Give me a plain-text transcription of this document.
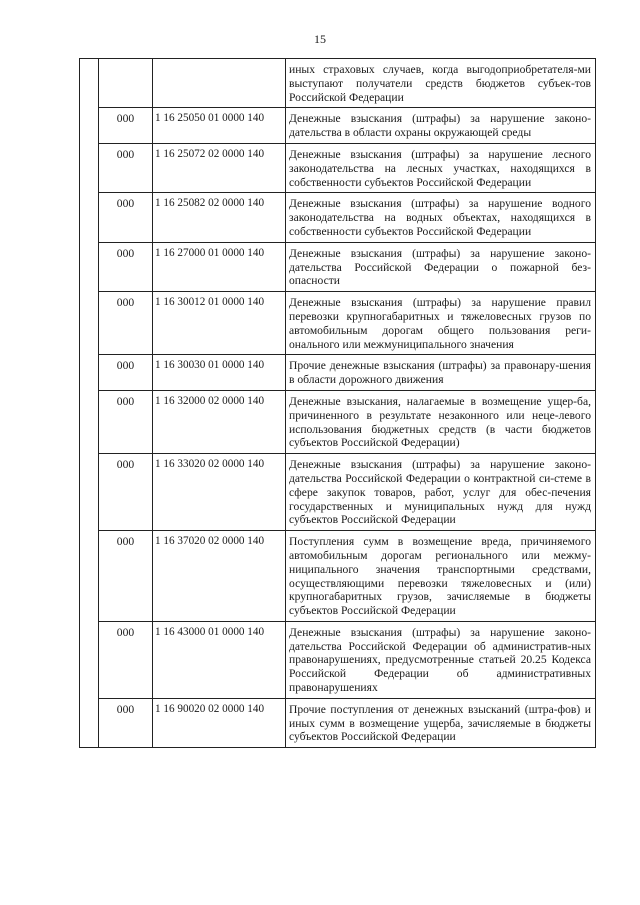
15
			иных страховых случаев, когда выгодоприобретателя-ми выступают получатели средств бюджетов субъек-тов Российской Федерации
	000	1 16 25050 01 0000 140	Денежные взыскания (штрафы) за нарушение законо-дательства в области охраны окружающей среды
	000	1 16 25072 02 0000 140	Денежные взыскания (штрафы) за нарушение лесного законодательства на лесных участках, находящихся в собственности субъектов Российской Федерации
	000	1 16 25082 02 0000 140	Денежные взыскания (штрафы) за нарушение водного законодательства на водных объектах, находящихся в собственности субъектов Российской Федерации
	000	1 16 27000 01 0000 140	Денежные взыскания (штрафы) за нарушение законо-дательства Российской Федерации о пожарной без-опасности
	000	1 16 30012 01 0000 140	Денежные взыскания (штрафы) за нарушение правил перевозки крупногабаритных и тяжеловесных грузов по автомобильным дорогам общего пользования реги-онального или межмуниципального значения
	000	1 16 30030 01 0000 140	Прочие денежные взыскания (штрафы) за правонару-шения в области дорожного движения
	000	1 16 32000 02 0000 140	Денежные взыскания, налагаемые в возмещение ущер-ба, причиненного в результате незаконного или неце-левого использования бюджетных средств (в части бюджетов субъектов Российской Федерации)
	000	1 16 33020 02 0000 140	Денежные взыскания (штрафы) за нарушение законо-дательства Российской Федерации о контрактной си-стеме в сфере закупок товаров, работ, услуг для обес-печения государственных и муниципальных нужд для нужд субъектов Российской Федерации
	000	1 16 37020 02 0000 140	Поступления сумм в возмещение вреда, причиняемого автомобильным дорогам регионального или межму-ниципального значения транспортными средствами, осуществляющими перевозки тяжеловесных и (или) крупногабаритных грузов, зачисляемые в бюджеты субъектов Российской Федерации
	000	1 16 43000 01 0000 140	Денежные взыскания (штрафы) за нарушение законо-дательства Российской Федерации об административ-ных правонарушениях, предусмотренные статьей 20.25 Кодекса Российской Федерации об административных правонарушениях
	000	1 16 90020 02 0000 140	Прочие поступления от денежных взысканий (штра-фов) и иных сумм в возмещение ущерба, зачисляемые в бюджеты субъектов Российской Федерации
